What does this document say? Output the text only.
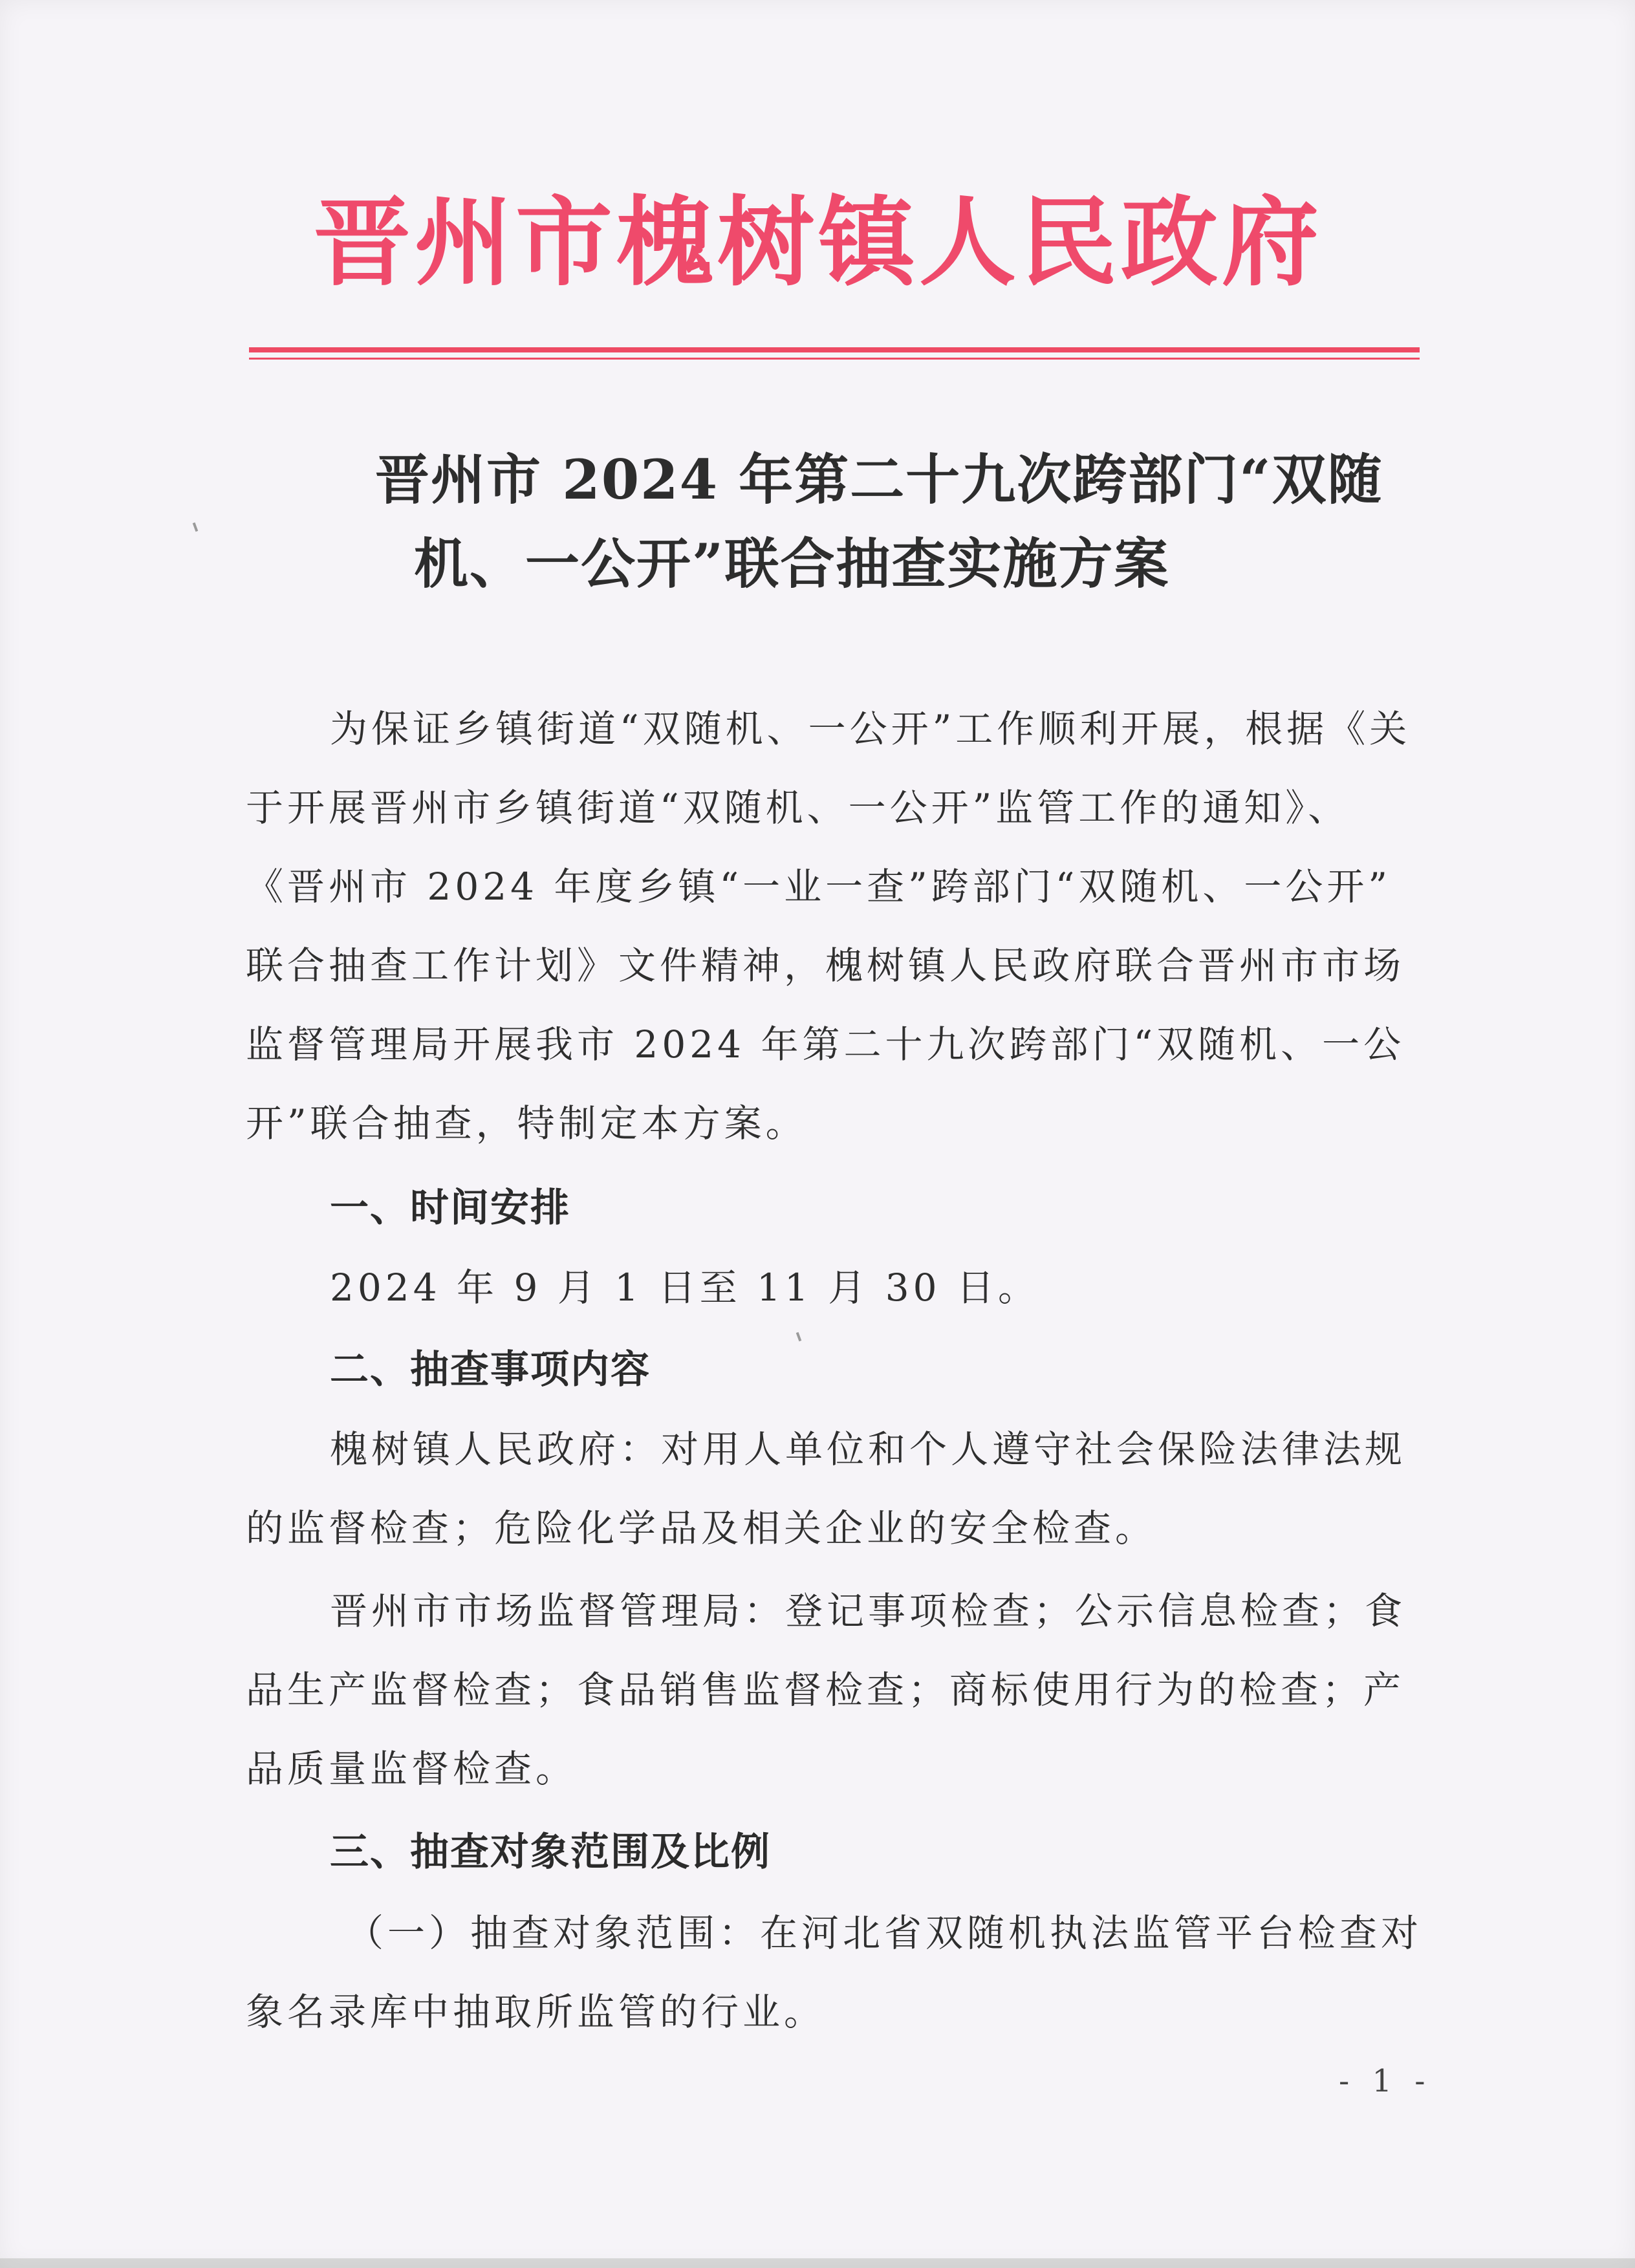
晋州市槐树镇人民政府
晋州市 2024 年第二十九次跨部门“双随
机、一公开”联合抽查实施方案
为保证乡镇街道“双随机、一公开”工作顺利开展，根据《关
于开展晋州市乡镇街道“双随机、一公开”监管工作的通知》、
《晋州市 2024 年度乡镇“一业一查”跨部门“双随机、一公开”
联合抽查工作计划》文件精神，槐树镇人民政府联合晋州市市场
监督管理局开展我市 2024 年第二十九次跨部门“双随机、一公
开”联合抽查，特制定本方案。
一、时间安排
2024 年 9 月 1 日至 11 月 30 日。
二、抽查事项内容
槐树镇人民政府：对用人单位和个人遵守社会保险法律法规
的监督检查；危险化学品及相关企业的安全检查。
晋州市市场监督管理局：登记事项检查；公示信息检查；食
品生产监督检查；食品销售监督检查；商标使用行为的检查；产
品质量监督检查。
三、抽查对象范围及比例
（一）抽查对象范围：在河北省双随机执法监管平台检查对
象名录库中抽取所监管的行业。
- 1 -
